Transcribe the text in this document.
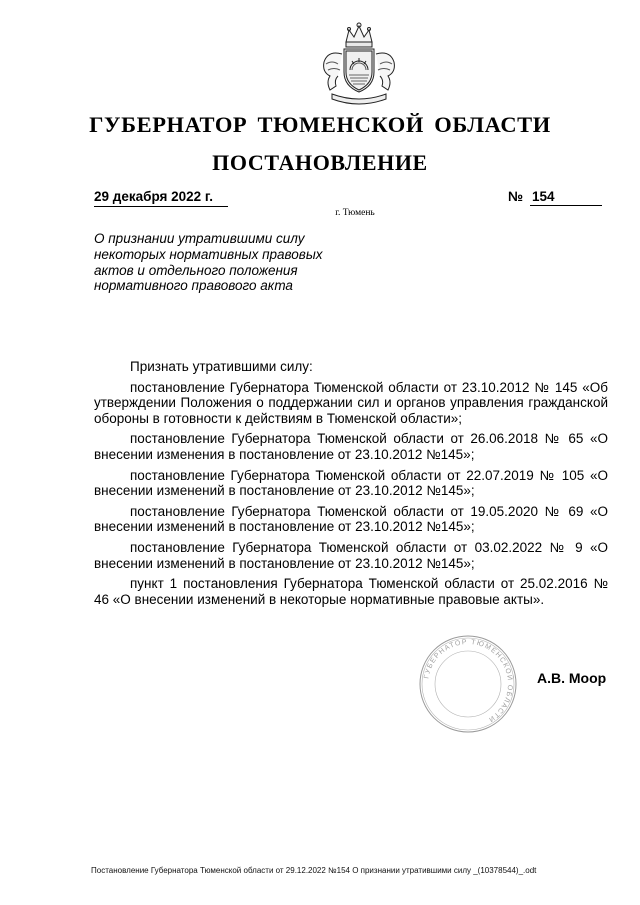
ГУБЕРНАТОР ТЮМЕНСКОЙ ОБЛАСТИ
ПОСТАНОВЛЕНИЕ
29 декабря 2022 г.	№ 154
г. Тюмень
О признании утратившими силу некоторых нормативных правовых актов и отдельного положения нормативного правового акта

Признать утратившими силу:

постановление Губернатора Тюменской области от 23.10.2012 № 145 «Об утверждении Положения о поддержании сил и органов управления гражданской обороны в готовности к действиям в Тюменской области»;

постановление Губернатора Тюменской области от 26.06.2018 № 65 «О внесении изменения в постановление от 23.10.2012 №145»;

постановление Губернатора Тюменской области от 22.07.2019 № 105 «О внесении изменений в постановление от 23.10.2012 №145»;

постановление Губернатора Тюменской области от 19.05.2020 № 69 «О внесении изменений в постановление от 23.10.2012 №145»;

постановление Губернатора Тюменской области от 03.02.2022 № 9 «О внесении изменений в постановление от 23.10.2012 №145»;

пункт 1 постановления Губернатора Тюменской области от 25.02.2016 № 46 «О внесении изменений в некоторые нормативные правовые акты».

ГУБЕРНАТОР ТЮМЕНСКОЙ ОБЛАСТИ
А.В. Моор
Постановление Губернатора Тюменской области от 29.12.2022 №154 О признании утратившими силу _(10378544)_.odt
